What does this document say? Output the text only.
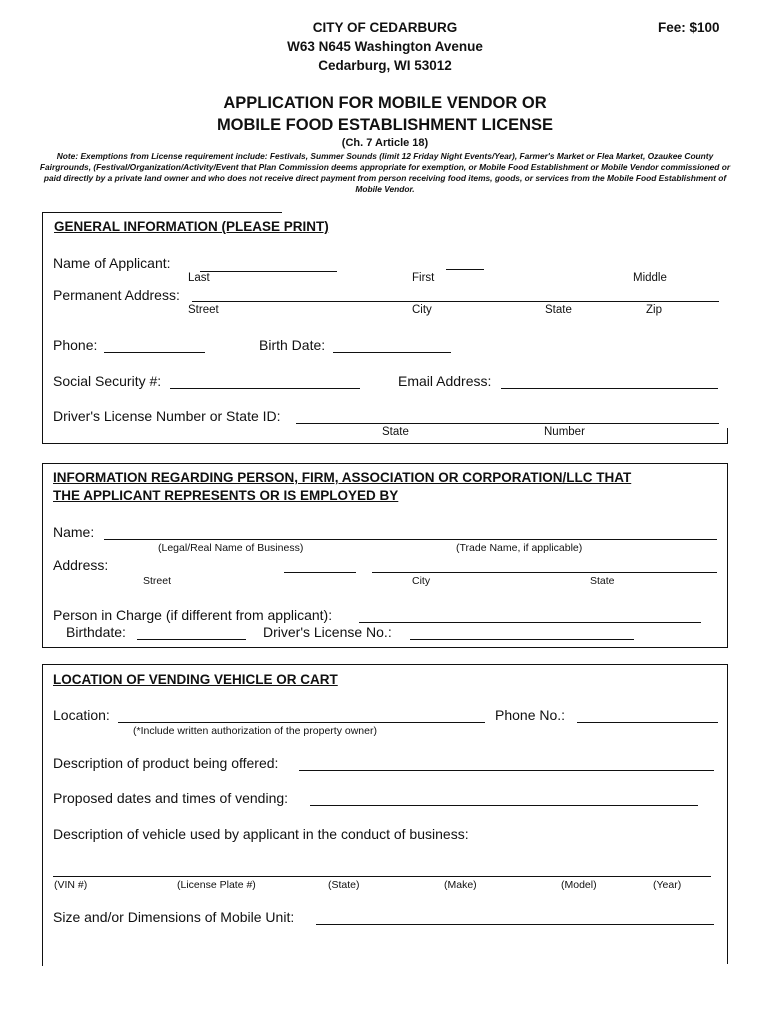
CITY OF CEDARBURG
W63 N645 Washington Avenue
Cedarburg, WI 53012
Fee: $100
APPLICATION FOR MOBILE VENDOR OR
MOBILE FOOD ESTABLISHMENT LICENSE
(Ch. 7 Article 18)
Note: Exemptions from License requirement include: Festivals, Summer Sounds (limit 12 Friday Night Events/Year), Farmer's Market or Flea Market, Ozaukee County Fairgrounds, (Festival/Organization/Activity/Event that Plan Commission deems appropriate for exemption, or Mobile Food Establishment or Mobile Vendor commissioned or paid directly by a private land owner and who does not receive direct payment from person receiving food items, goods, or services from the Mobile Food Establishment of Mobile Vendor.
GENERAL INFORMATION (PLEASE PRINT)
Name of Applicant:
Last	First	Middle
Permanent Address:
Street	City	State	Zip
Phone:	Birth Date:
Social Security #:	Email Address:
Driver's License Number or State ID:
State	Number
INFORMATION REGARDING PERSON, FIRM, ASSOCIATION OR CORPORATION/LLC THAT
THE APPLICANT REPRESENTS OR IS EMPLOYED BY
Name:
(Legal/Real Name of Business)	(Trade Name, if applicable)
Address:
Street	City	State
Person in Charge (if different from applicant):
Birthdate:	Driver's License No.:
LOCATION OF VENDING VEHICLE OR CART
Location:
(*Include written authorization of the property owner)
Phone No.:
Description of product being offered:
Proposed dates and times of vending:
Description of vehicle used by applicant in the conduct of business:
(VIN #)	(License Plate #)	(State)	(Make)	(Model)	(Year)
Size and/or Dimensions of Mobile Unit:
